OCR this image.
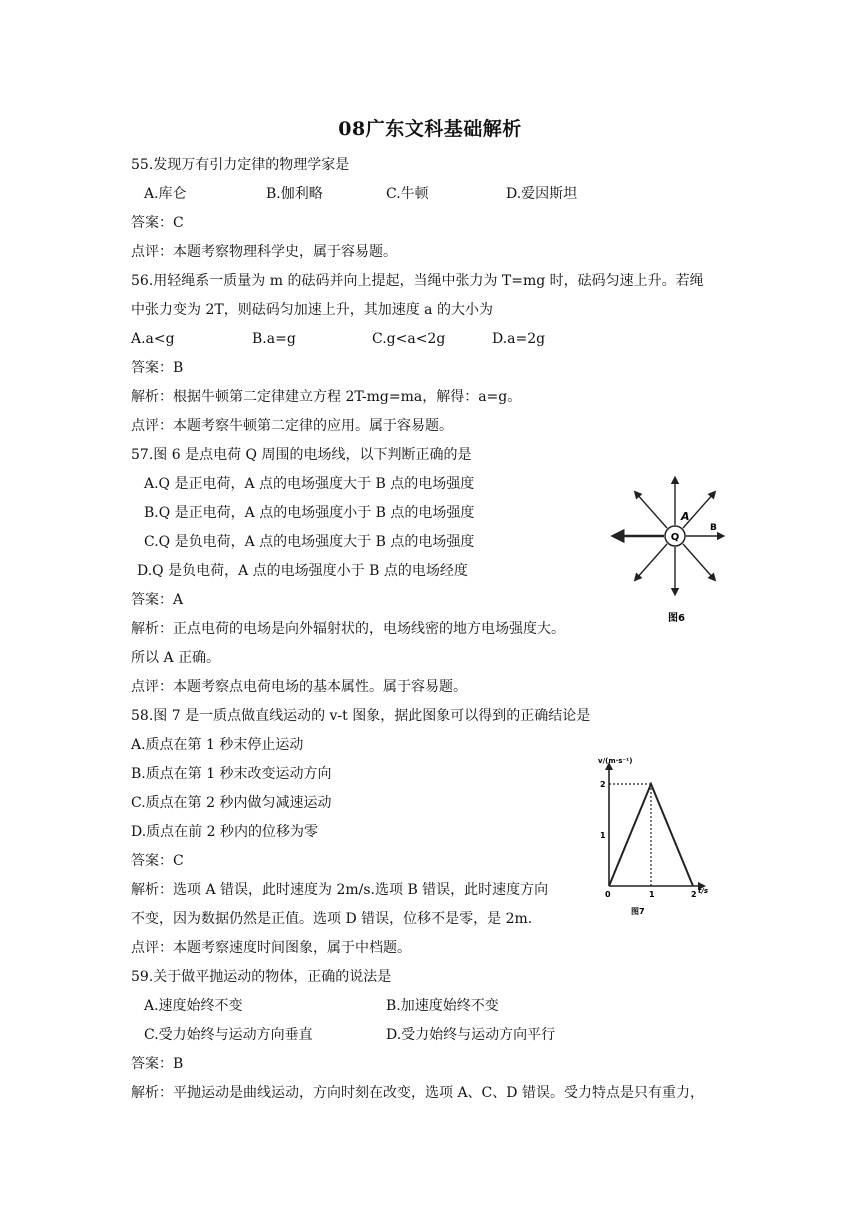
08广东文科基础解析
55.发现万有引力定律的物理学家是
A.库仑	B.伽利略	C.牛顿	D.爱因斯坦
答案：C
点评：本题考察物理科学史，属于容易题。
56.用轻绳系一质量为 m 的砝码并向上提起，当绳中张力为 T=mg 时，砝码匀速上升。若绳
中张力变为 2T，则砝码匀加速上升，其加速度 a 的大小为
A.a<g	B.a=g	C.g<a<2g	D.a=2g
答案：B
解析：根据牛顿第二定律建立方程 2T-mg=ma，解得：a=g。
点评：本题考察牛顿第二定律的应用。属于容易题。
57.图 6 是点电荷 Q 周围的电场线，以下判断正确的是
A.Q 是正电荷，A 点的电场强度大于 B 点的电场强度
B.Q 是正电荷，A 点的电场强度小于 B 点的电场强度
C.Q 是负电荷，A 点的电场强度大于 B 点的电场强度
D.Q 是负电荷，A 点的电场强度小于 B 点的电场经度
答案：A
解析：正点电荷的电场是向外辐射状的，电场线密的地方电场强度大。
所以 A 正确。
点评：本题考察点电荷电场的基本属性。属于容易题。
Q
A
B
图6
58.图 7 是一质点做直线运动的 v-t 图象，据此图象可以得到的正确结论是
A.质点在第 1 秒末停止运动
B.质点在第 1 秒末改变运动方向
C.质点在第 2 秒内做匀减速运动
D.质点在前 2 秒内的位移为零
答案：C
解析：选项 A 错误，此时速度为 2m/s.选项 B 错误，此时速度方向
不变，因为数据仍然是正值。选项 D 错误，位移不是零，是 2m.
点评：本题考察速度时间图象，属于中档题。
v/(m·s⁻¹)
t/s
0	1	2
1
2
图7
59.关于做平抛运动的物体，正确的说法是
A.速度始终不变	B.加速度始终不变
C.受力始终与运动方向垂直	D.受力始终与运动方向平行
答案：B
解析：平抛运动是曲线运动，方向时刻在改变，选项 A、C、D 错误。受力特点是只有重力，
